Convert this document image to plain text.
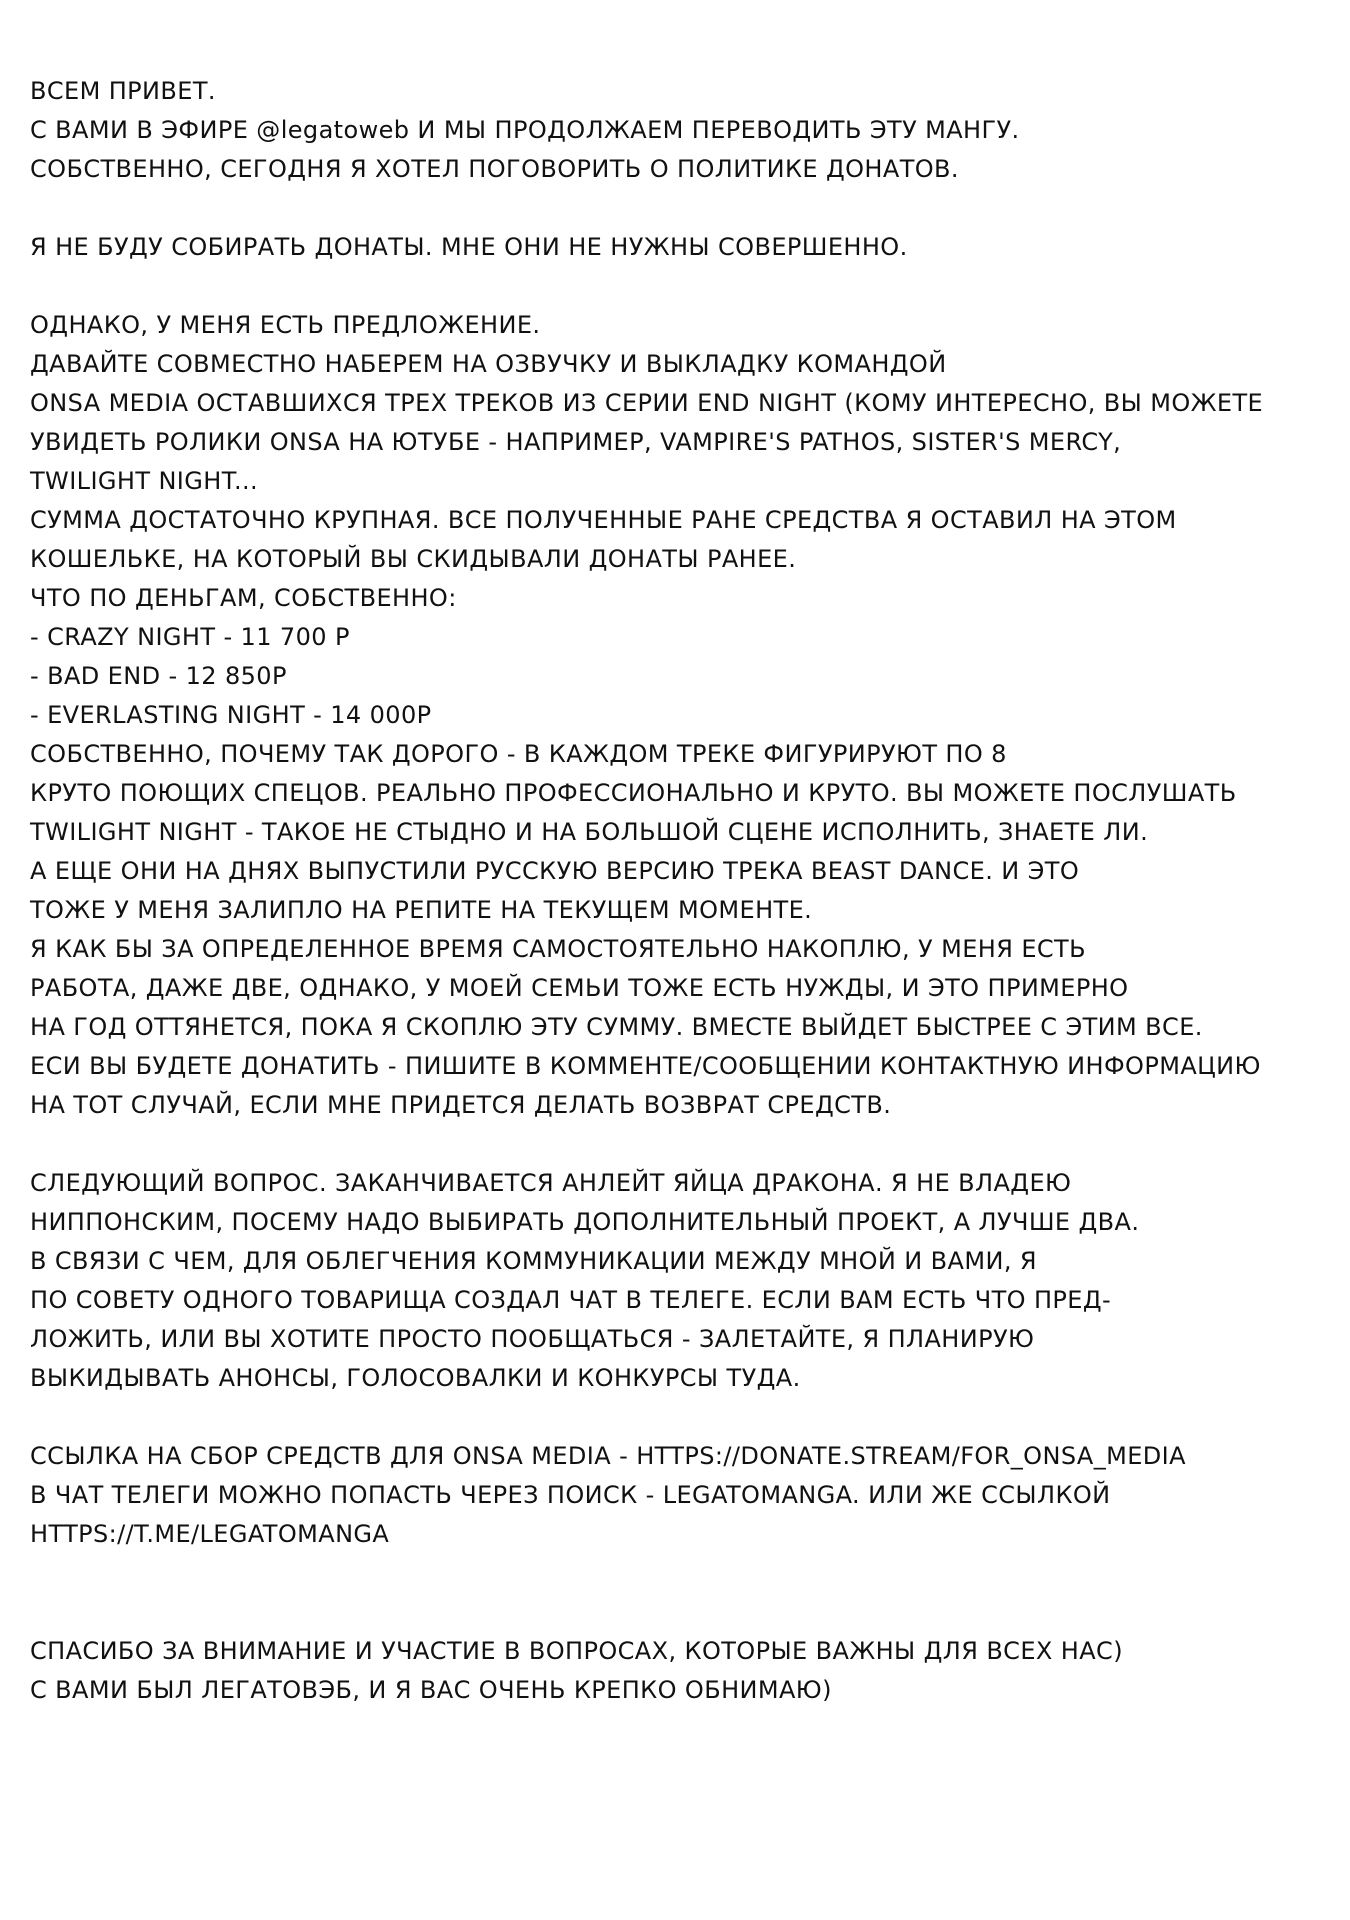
ВСЕМ ПРИВЕТ.
С ВАМИ В ЭФИРЕ @legatoweb И МЫ ПРОДОЛЖАЕМ ПЕРЕВОДИТЬ ЭТУ МАНГУ.
СОБСТВЕННО, СЕГОДНЯ Я ХОТЕЛ ПОГОВОРИТЬ О ПОЛИТИКЕ ДОНАТОВ.
Я НЕ БУДУ СОБИРАТЬ ДОНАТЫ. МНЕ ОНИ НЕ НУЖНЫ СОВЕРШЕННО.
ОДНАКО, У МЕНЯ ЕСТЬ ПРЕДЛОЖЕНИЕ.
ДАВАЙТЕ СОВМЕСТНО НАБЕРЕМ НА ОЗВУЧКУ И ВЫКЛАДКУ КОМАНДОЙ
ONSA MEDIA ОСТАВШИХСЯ ТРЕХ ТРЕКОВ ИЗ СЕРИИ END NIGHT (КОМУ ИНТЕРЕСНО, ВЫ МОЖЕТЕ
УВИДЕТЬ РОЛИКИ ONSA НА ЮТУБЕ - НАПРИМЕР, VAMPIRE'S PATHOS, SISTER'S MERCY,
TWILIGHT NIGHT...
СУММА ДОСТАТОЧНО КРУПНАЯ. ВСЕ ПОЛУЧЕННЫЕ РАНЕ СРЕДСТВА Я ОСТАВИЛ НА ЭТОМ
КОШЕЛЬКЕ, НА КОТОРЫЙ ВЫ СКИДЫВАЛИ ДОНАТЫ РАНЕЕ.
ЧТО ПО ДЕНЬГАМ, СОБСТВЕННО:
- CRAZY NIGHT - 11 700 Р
- BAD END - 12 850Р
- EVERLASTING NIGHT - 14 000Р
СОБСТВЕННО, ПОЧЕМУ ТАК ДОРОГО - В КАЖДОМ ТРЕКЕ ФИГУРИРУЮТ ПО 8
КРУТО ПОЮЩИХ СПЕЦОВ. РЕАЛЬНО ПРОФЕССИОНАЛЬНО И КРУТО. ВЫ МОЖЕТЕ ПОСЛУШАТЬ
TWILIGHT NIGHT - ТАКОЕ НЕ СТЫДНО И НА БОЛЬШОЙ СЦЕНЕ ИСПОЛНИТЬ, ЗНАЕТЕ ЛИ.
А ЕЩЕ ОНИ НА ДНЯХ ВЫПУСТИЛИ РУССКУЮ ВЕРСИЮ ТРЕКА BEAST DANCE. И ЭТО
ТОЖЕ У МЕНЯ ЗАЛИПЛО НА РЕПИТЕ НА ТЕКУЩЕМ МОМЕНТЕ.
Я КАК БЫ ЗА ОПРЕДЕЛЕННОЕ ВРЕМЯ САМОСТОЯТЕЛЬНО НАКОПЛЮ, У МЕНЯ ЕСТЬ
РАБОТА, ДАЖЕ ДВЕ, ОДНАКО, У МОЕЙ СЕМЬИ ТОЖЕ ЕСТЬ НУЖДЫ, И ЭТО ПРИМЕРНО
НА ГОД ОТТЯНЕТСЯ, ПОКА Я СКОПЛЮ ЭТУ СУММУ. ВМЕСТЕ ВЫЙДЕТ БЫСТРЕЕ С ЭТИМ ВСЕ.
ЕСИ ВЫ БУДЕТЕ ДОНАТИТЬ - ПИШИТЕ В КОММЕНТЕ/СООБЩЕНИИ КОНТАКТНУЮ ИНФОРМАЦИЮ
НА ТОТ СЛУЧАЙ, ЕСЛИ МНЕ ПРИДЕТСЯ ДЕЛАТЬ ВОЗВРАТ СРЕДСТВ.
СЛЕДУЮЩИЙ ВОПРОС. ЗАКАНЧИВАЕТСЯ АНЛЕЙТ ЯЙЦА ДРАКОНА. Я НЕ ВЛАДЕЮ
НИППОНСКИМ, ПОСЕМУ НАДО ВЫБИРАТЬ ДОПОЛНИТЕЛЬНЫЙ ПРОЕКТ, А ЛУЧШЕ ДВА.
В СВЯЗИ С ЧЕМ, ДЛЯ ОБЛЕГЧЕНИЯ КОММУНИКАЦИИ МЕЖДУ МНОЙ И ВАМИ, Я
ПО СОВЕТУ ОДНОГО ТОВАРИЩА СОЗДАЛ ЧАТ В ТЕЛЕГЕ. ЕСЛИ ВАМ ЕСТЬ ЧТО ПРЕД-
ЛОЖИТЬ, ИЛИ ВЫ ХОТИТЕ ПРОСТО ПООБЩАТЬСЯ - ЗАЛЕТАЙТЕ, Я ПЛАНИРУЮ
ВЫКИДЫВАТЬ АНОНСЫ, ГОЛОСОВАЛКИ И КОНКУРСЫ ТУДА.
ССЫЛКА НА СБОР СРЕДСТВ ДЛЯ ONSA MEDIA - HTTPS://DONATE.STREAM/FOR_ONSA_MEDIA
В ЧАТ ТЕЛЕГИ МОЖНО ПОПАСТЬ ЧЕРЕЗ ПОИСК - LEGATOMANGA. ИЛИ ЖЕ ССЫЛКОЙ
HTTPS://T.ME/LEGATOMANGA
СПАСИБО ЗА ВНИМАНИЕ И УЧАСТИЕ В ВОПРОСАХ, КОТОРЫЕ ВАЖНЫ ДЛЯ ВСЕХ НАС)
С ВАМИ БЫЛ ЛЕГАТОВЭБ, И Я ВАС ОЧЕНЬ КРЕПКО ОБНИМАЮ)
